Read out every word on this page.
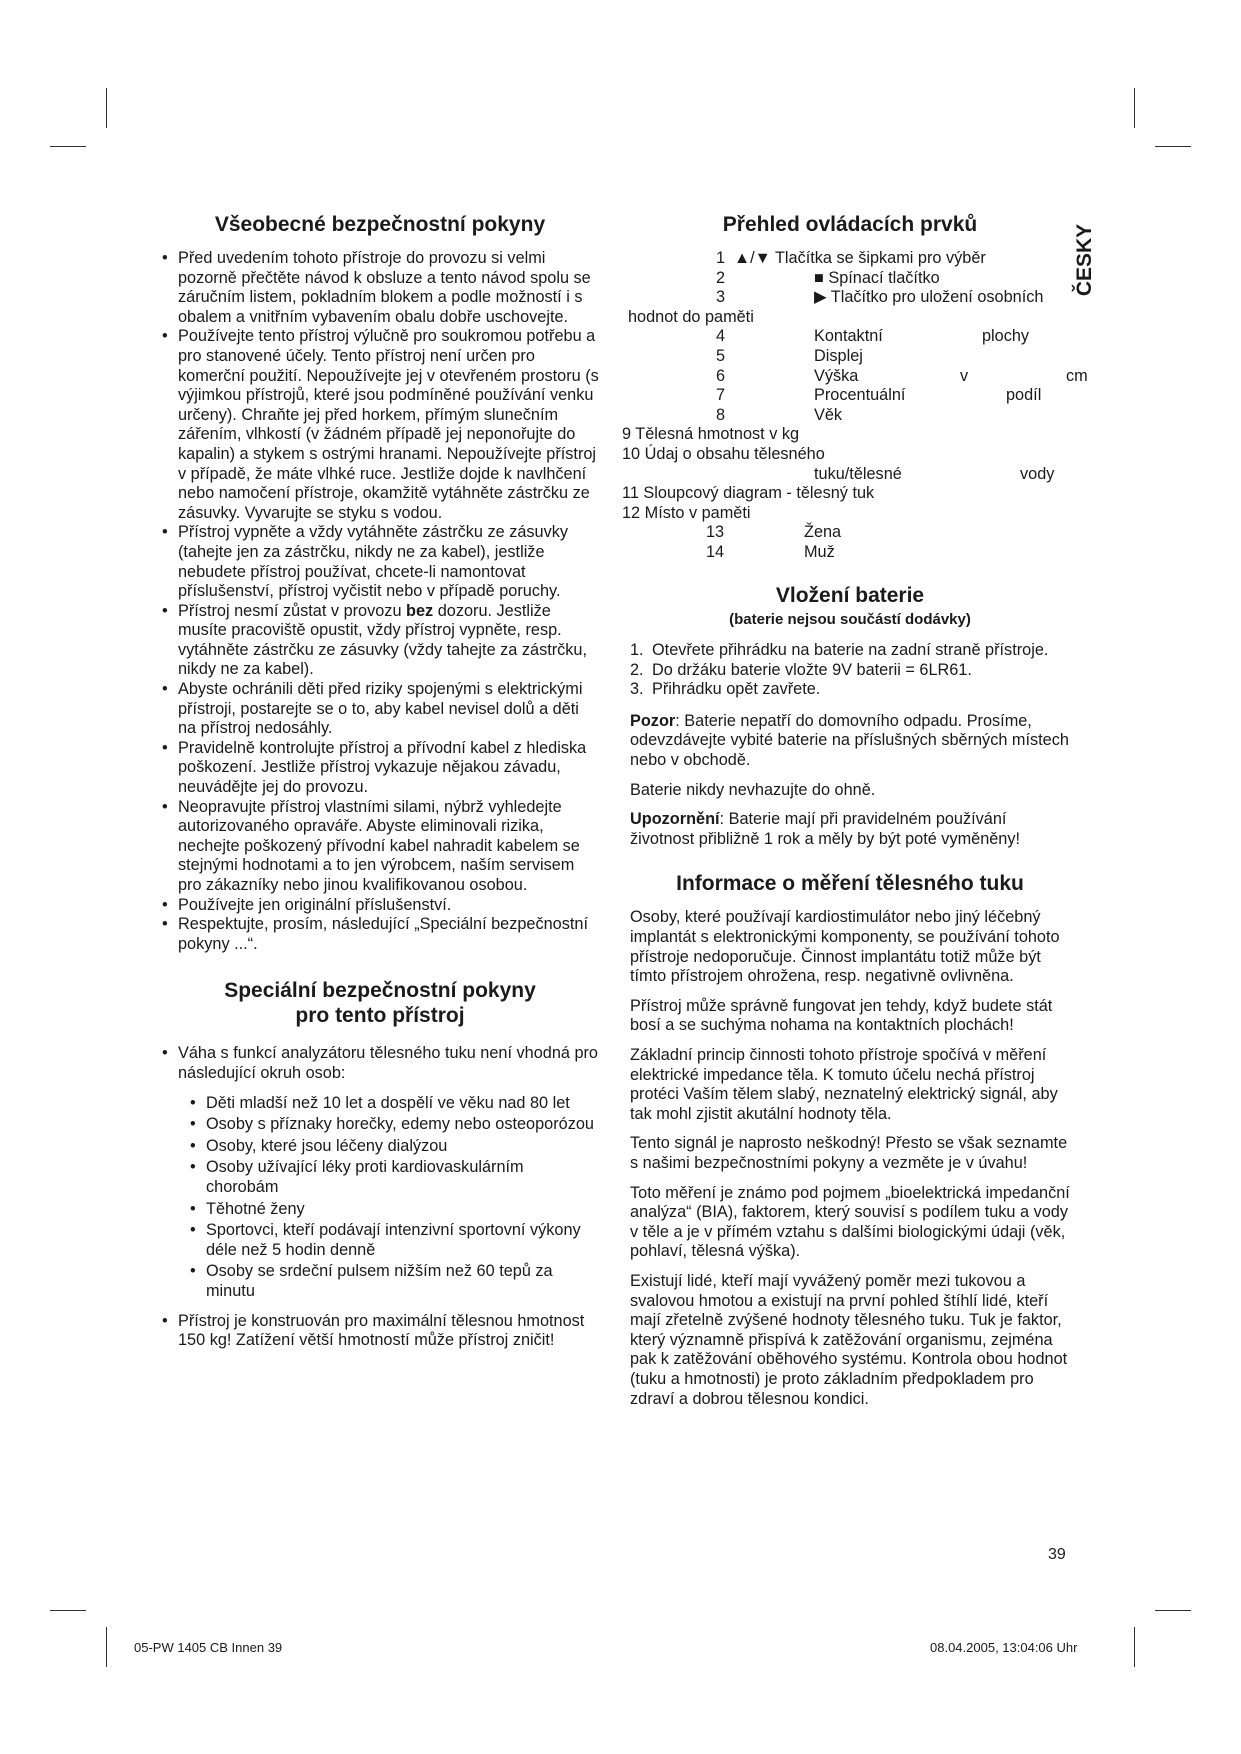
ČESKY
Všeobecné bezpečnostní pokyny
• Před uvedením tohoto přístroje do provozu si velmi pozorně přečtěte návod k obsluze a tento návod spolu se záručním listem, pokladním blokem a podle možností i s obalem a vnitřním vybavením obalu dobře uschovejte.
• Používejte tento přístroj výlučně pro soukromou potřebu a pro stanovené účely. Tento přístroj není určen pro komerční použití. Nepoužívejte jej v otevřeném prostoru (s výjimkou přístrojů, které jsou podmíněné používání venku určeny). Chraňte jej před horkem, přímým slunečním zářením, vlhkostí (v žádném případě jej neponořujte do kapalin) a stykem s ostrými hranami. Nepoužívejte přístroj v případě, že máte vlhké ruce. Jestliže dojde k navlhčení nebo namočení přístroje, okamžitě vytáhněte zástrčku ze zásuvky. Vyvarujte se styku s vodou.
• Přístroj vypněte a vždy vytáhněte zástrčku ze zásuvky (tahejte jen za zástrčku, nikdy ne za kabel), jestliže nebudete přístroj používat, chcete-li namontovat příslušenství, přístroj vyčistit nebo v případě poruchy.
• Přístroj nesmí zůstat v provozu bez dozoru. Jestliže musíte pracoviště opustit, vždy přístroj vypněte, resp. vytáhněte zástrčku ze zásuvky (vždy tahejte za zástrčku, nikdy ne za kabel).
• Abyste ochránili děti před riziky spojenými s elektrickými přístroji, postarejte se o to, aby kabel nevisel dolů a děti na přístroj nedosáhly.
• Pravidelně kontrolujte přístroj a přívodní kabel z hlediska poškození. Jestliže přístroj vykazuje nějakou závadu, neuvádějte jej do provozu.
• Neopravujte přístroj vlastními silami, nýbrž vyhledejte autorizovaného opraváře. Abyste eliminovali rizika, nechejte poškozený přívodní kabel nahradit kabelem se stejnými hodnotami a to jen výrobcem, naším servisem pro zákazníky nebo jinou kvalifikovanou osobou.
• Používejte jen originální příslušenství.
• Respektujte, prosím, následující „Speciální bezpečnostní pokyny ...“.
Speciální bezpečnostní pokyny
pro tento přístroj
• Váha s funkcí analyzátoru tělesného tuku není vhodná pro následující okruh osob:
• Děti mladší než 10 let a dospělí ve věku nad 80 let
• Osoby s příznaky horečky, edemy nebo osteoporózou
• Osoby, které jsou léčeny dialýzou
• Osoby užívající léky proti kardiovaskulárním chorobám
• Těhotné ženy
• Sportovci, kteří podávají intenzivní sportovní výkony déle než 5 hodin denně
• Osoby se srdeční pulsem nižším než 60 tepů za minutu
• Přístroj je konstruován pro maximální tělesnou hmotnost 150 kg! Zatížení větší hmotností může přístroj zničit!
Přehled ovládacích prvků
1 ▲/▼ Tlačítka se šipkami pro výběr
2	■ Spínací tlačítko
3	▶ Tlačítko pro uložení osobních
hodnot do paměti
4	Kontaktní	plochy
5	Displej
6	Výška	v	cm
7	Procentuální	podíl
8	Věk
9 Tělesná hmotnost v kg
10 Údaj o obsahu tělesného
tuku/tělesné	vody
11 Sloupcový diagram - tělesný tuk
12 Místo v paměti
13	Žena
14	Muž
Vložení baterie
(baterie nejsou součástí dodávky)
1. Otevřete přihrádku na baterie na zadní straně přístroje.
2. Do držáku baterie vložte 9V baterii = 6LR61.
3. Přihrádku opět zavřete.

Pozor: Baterie nepatří do domovního odpadu. Prosíme, odevzdávejte vybité baterie na příslušných sběrných místech nebo v obchodě.

Baterie nikdy nevhazujte do ohně.

Upozornění: Baterie mají při pravidelném používání životnost přibližně 1 rok a měly by být poté vyměněny!

Informace o měření tělesného tuku

Osoby, které používají kardiostimulátor nebo jiný léčebný implantát s elektronickými komponenty, se používání tohoto přístroje nedoporučuje. Činnost implantátu totiž může být tímto přístrojem ohrožena, resp. negativně ovlivněna.

Přístroj může správně fungovat jen tehdy, když budete stát bosí a se suchýma nohama na kontaktních plochách!

Základní princip činnosti tohoto přístroje spočívá v měření elektrické impedance těla. K tomuto účelu nechá přístroj protéci Vaším tělem slabý, neznatelný elektrický signál, aby tak mohl zjistit akutální hodnoty těla.

Tento signál je naprosto neškodný! Přesto se však seznamte s našimi bezpečnostními pokyny a vezměte je v úvahu!

Toto měření je známo pod pojmem „bioelektrická impedanční analýza“ (BIA), faktorem, který souvisí s podílem tuku a vody v těle a je v přímém vztahu s dalšími biologickými údaji (věk, pohlaví, tělesná výška).

Existují lidé, kteří mají vyvážený poměr mezi tukovou a svalovou hmotou a existují na první pohled štíhlí lidé, kteří mají zřetelně zvýšené hodnoty tělesného tuku. Tuk je faktor, který významně přispívá k zatěžování organismu, zejména pak k zatěžování oběhového systému. Kontrola obou hodnot (tuku a hmotnosti) je proto základním předpokladem pro zdraví a dobrou tělesnou kondici.

39
05-PW 1405 CB Innen 39	08.04.2005, 13:04:06 Uhr
